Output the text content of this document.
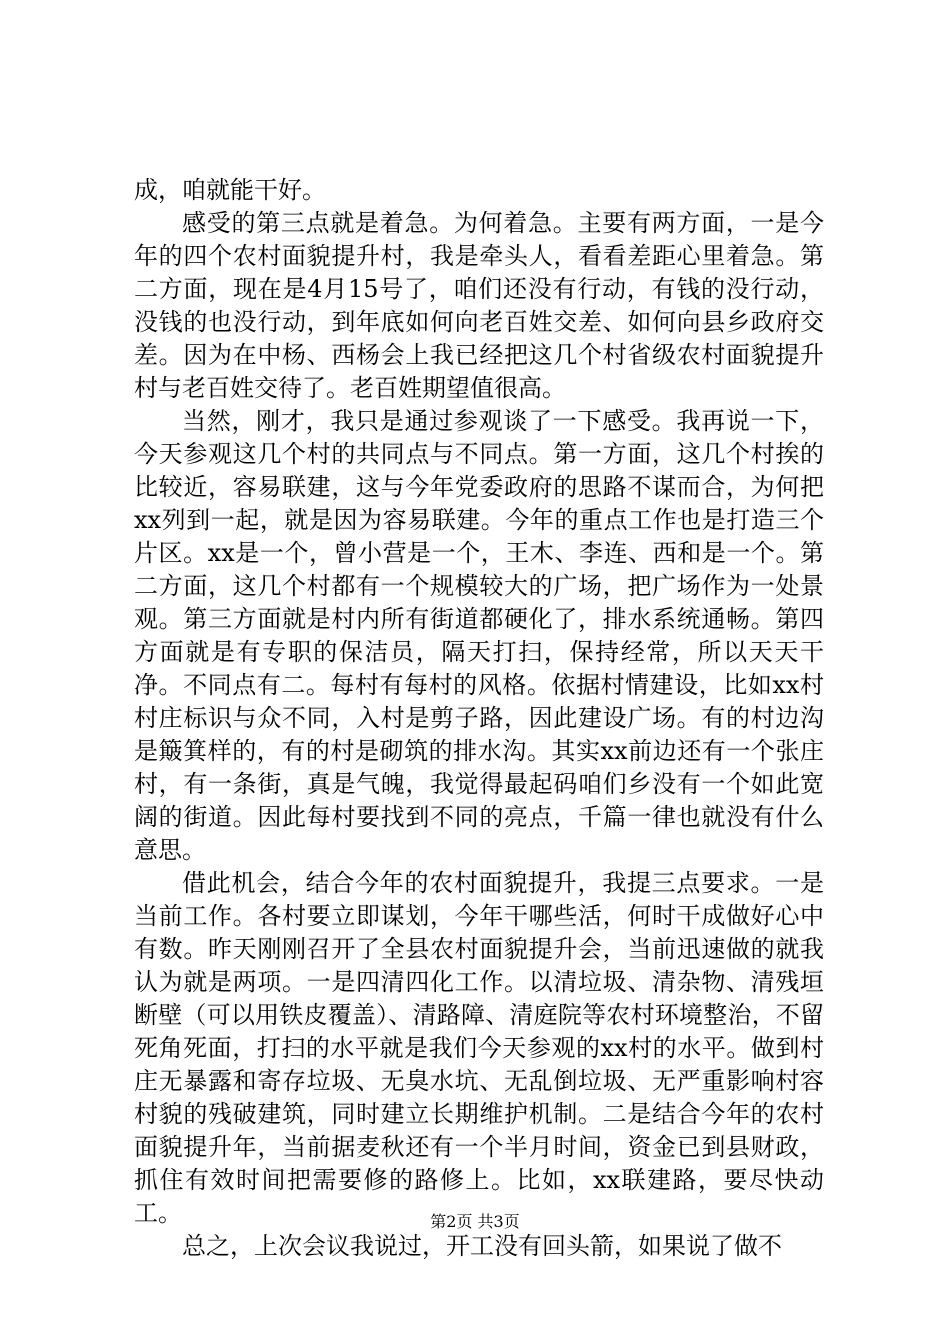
成，咱就能干好。

感受的第三点就是着急。为何着急。主要有两方面，一是今年的四个农村面貌提升村，我是牵头人，看看差距心里着急。第二方面，现在是4月15号了，咱们还没有行动，有钱的没行动，没钱的也没行动，到年底如何向老百姓交差、如何向县乡政府交差。因为在中杨、西杨会上我已经把这几个村省级农村面貌提升村与老百姓交待了。老百姓期望值很高。

当然，刚才，我只是通过参观谈了一下感受。我再说一下，今天参观这几个村的共同点与不同点。第一方面，这几个村挨的比较近，容易联建，这与今年党委政府的思路不谋而合，为何把xx列到一起，就是因为容易联建。今年的重点工作也是打造三个片区。xx是一个，曾小营是一个，王木、李连、西和是一个。第二方面，这几个村都有一个规模较大的广场，把广场作为一处景观。第三方面就是村内所有街道都硬化了，排水系统通畅。第四方面就是有专职的保洁员，隔天打扫，保持经常，所以天天干净。不同点有二。每村有每村的风格。依据村情建设，比如xx村村庄标识与众不同，入村是剪子路，因此建设广场。有的村边沟是簸箕样的，有的村是砌筑的排水沟。其实xx前边还有一个张庄村，有一条街，真是气魄，我觉得最起码咱们乡没有一个如此宽阔的街道。因此每村要找到不同的亮点，千篇一律也就没有什么意思。

借此机会，结合今年的农村面貌提升，我提三点要求。一是当前工作。各村要立即谋划，今年干哪些活，何时干成做好心中有数。昨天刚刚召开了全县农村面貌提升会，当前迅速做的就我认为就是两项。一是四清四化工作。以清垃圾、清杂物、清残垣断壁（可以用铁皮覆盖）、清路障、清庭院等农村环境整治，不留死角死面，打扫的水平就是我们今天参观的xx村的水平。做到村庄无暴露和寄存垃圾、无臭水坑、无乱倒垃圾、无严重影响村容村貌的残破建筑，同时建立长期维护机制。二是结合今年的农村面貌提升年，当前据麦秋还有一个半月时间，资金已到县财政，抓住有效时间把需要修的路修上。比如，xx联建路，要尽快动工。

总之，上次会议我说过，开工没有回头箭，如果说了做不

第2页 共3页
